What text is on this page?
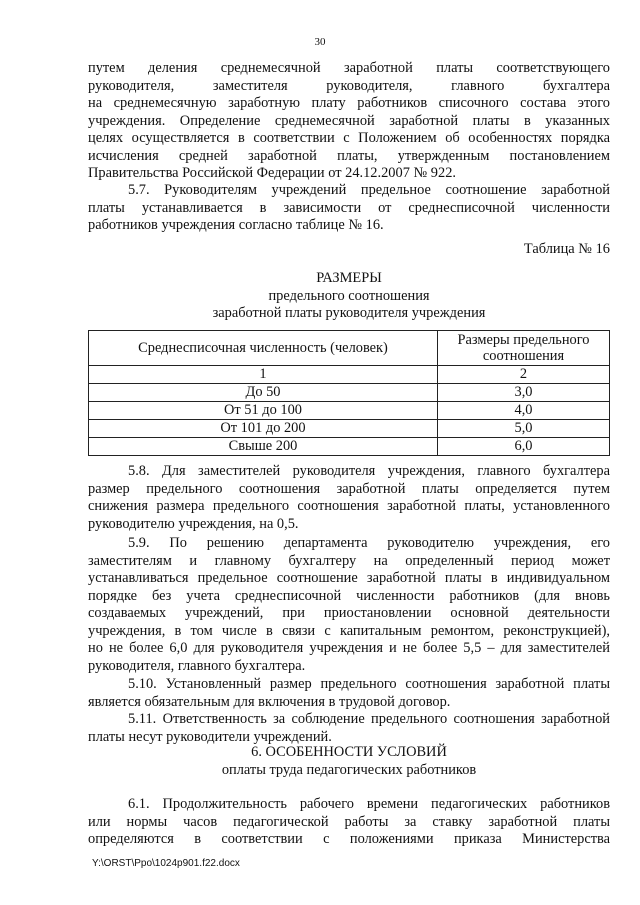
30
путем деления среднемесячной заработной платы соответствующего
руководителя, заместителя руководителя, главного бухгалтера
на среднемесячную заработную плату работников списочного состава этого
учреждения. Определение среднемесячной заработной платы в указанных
целях осуществляется в соответствии с Положением об особенностях порядка
исчисления средней заработной платы, утвержденным постановлением
Правительства Российской Федерации от 24.12.2007 № 922.
5.7. Руководителям учреждений предельное соотношение заработной
платы устанавливается в зависимости от среднесписочной численности
работников учреждения согласно таблице № 16.
Таблица № 16
РАЗМЕРЫ
предельного соотношения
заработной платы руководителя учреждения
Среднесписочная численность (человек)	Размеры предельного соотношения
1	2
До 50	3,0
От 51 до 100	4,0
От 101 до 200	5,0
Свыше 200	6,0
5.8. Для заместителей руководителя учреждения, главного бухгалтера
размер предельного соотношения заработной платы определяется путем
снижения размера предельного соотношения заработной платы, установленного
руководителю учреждения, на 0,5.
5.9. По решению департамента руководителю учреждения, его
заместителям и главному бухгалтеру на определенный период может
устанавливаться предельное соотношение заработной платы в индивидуальном
порядке без учета среднесписочной численности работников (для вновь
создаваемых учреждений, при приостановлении основной деятельности
учреждения, в том числе в связи с капитальным ремонтом, реконструкцией),
но не более 6,0 для руководителя учреждения и не более 5,5 – для заместителей
руководителя, главного бухгалтера.
5.10. Установленный размер предельного соотношения заработной платы
является обязательным для включения в трудовой договор.
5.11. Ответственность за соблюдение предельного соотношения заработной
платы несут руководители учреждений.
6. ОСОБЕННОСТИ УСЛОВИЙ
оплаты труда педагогических работников
6.1. Продолжительность рабочего времени педагогических работников
или нормы часов педагогической работы за ставку заработной платы
определяются в соответствии с положениями приказа Министерства
Y:\ORST\Ppo\1024p901.f22.docx
